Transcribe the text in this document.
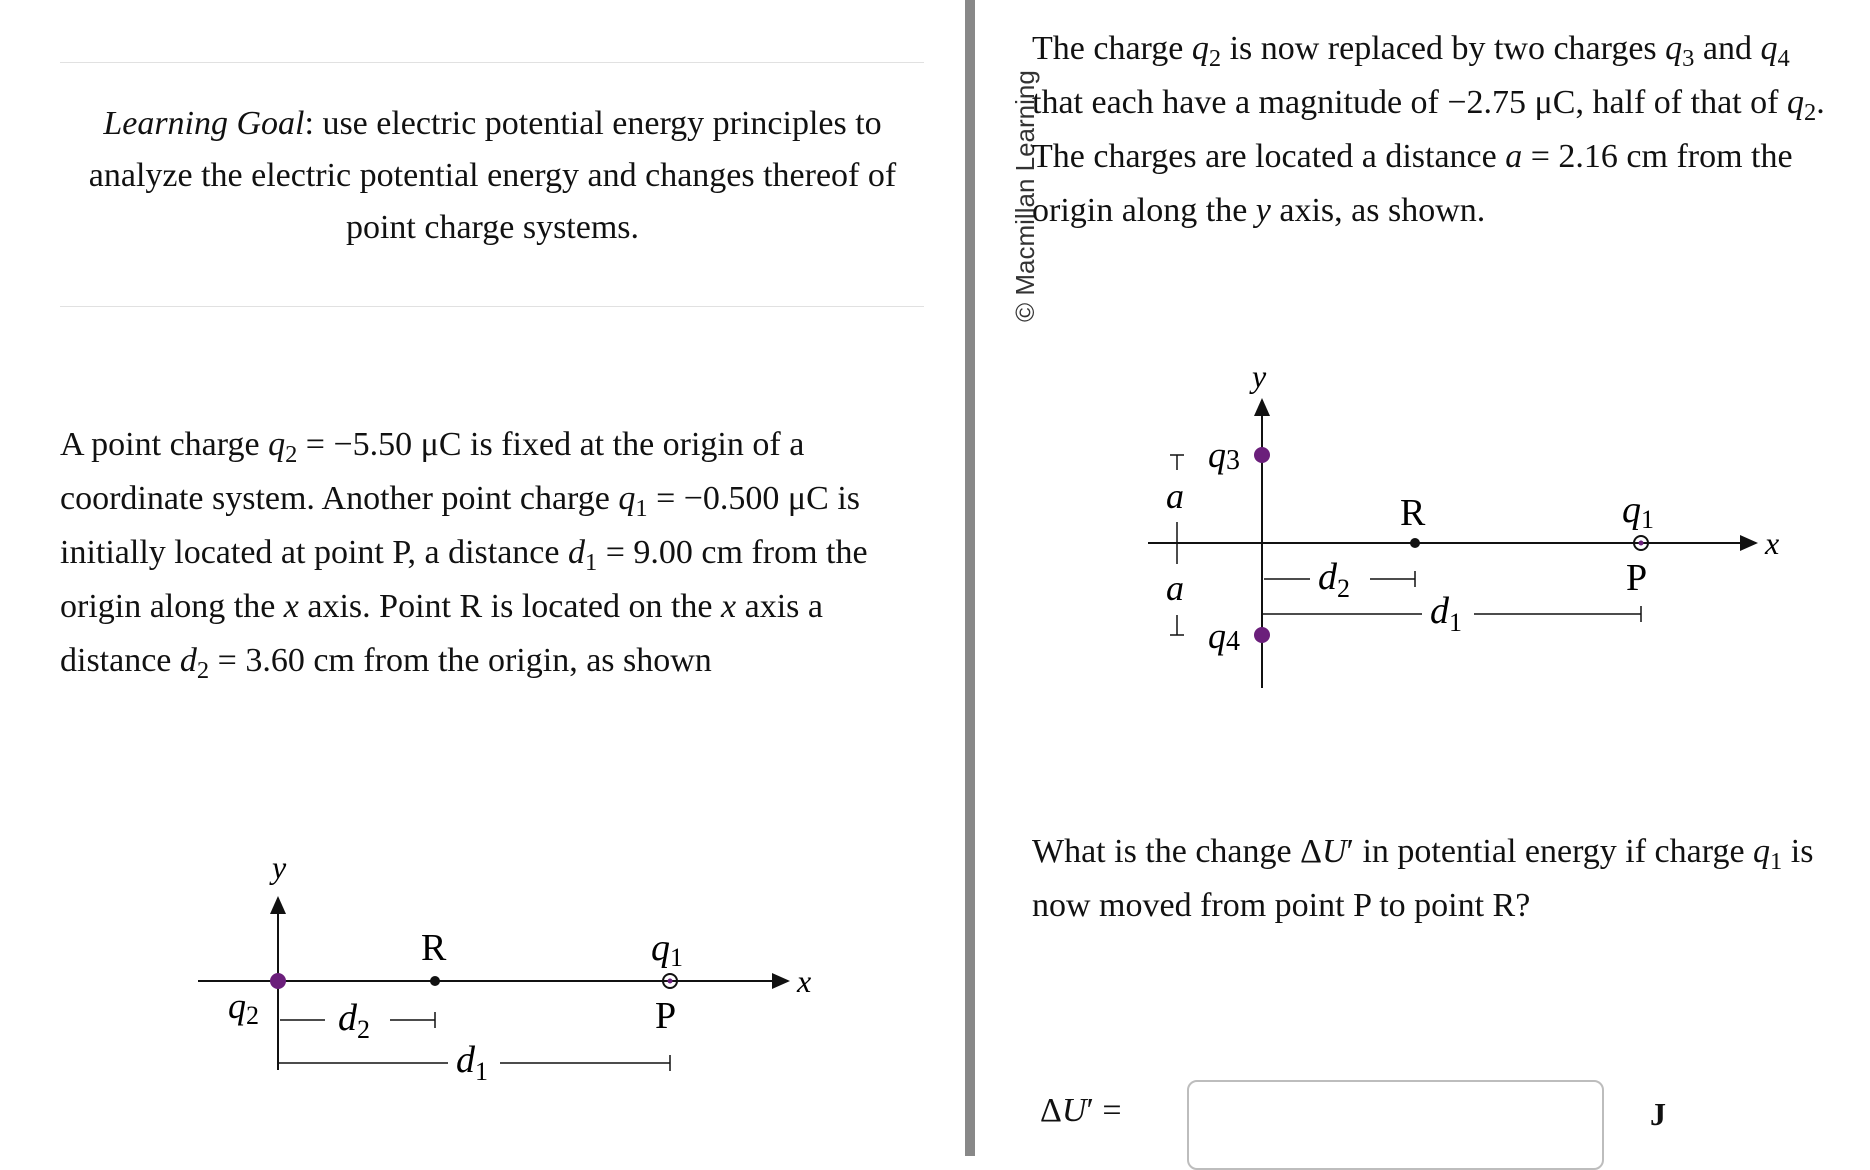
Learning Goal: use electric potential energy principles to analyze the electric potential energy and changes thereof of point charge systems.

A point charge $q_2 = -5.50$ μC is fixed at the origin of a coordinate system. Another point charge $q_1 = -0.500$ μC is initially located at point P, a distance $d_1 = 9.00$ cm from the origin along the x axis. Point R is located on the x axis a distance $d_2 = 3.60$ cm from the origin, as shown

y
x
q2
R	q1
P
$d_2$
$d_1$
© Macmillan Learning
The charge $q_2$ is now replaced by two charges $q_3$ and $q_4$
that each have a magnitude of −2.75 μC, half of that of $q_2$.
The charges are located a distance a = 2.16 cm from the
origin along the y axis, as shown.
x
y
q3
q4
a
a
R	q1
P
$d_2$
$d_1$
What is the change ΔU′ in potential energy if charge $q_1$ is
now moved from point P to point R?
ΔU′ =	J
